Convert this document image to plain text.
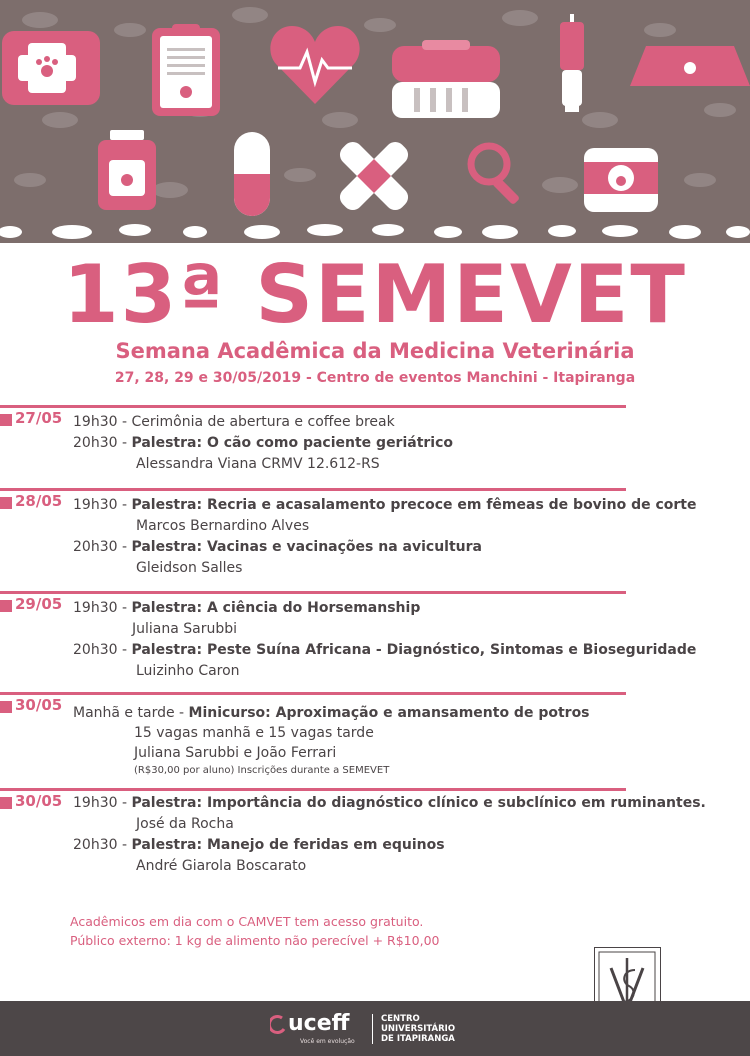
13ª SEMEVET
Semana Acadêmica da Medicina Veterinária
27, 28, 29 e 30/05/2019 - Centro de eventos Manchini - Itapiranga
27/05 19h30 - Cerimônia de abertura e coffee break
20h30 - Palestra: O cão como paciente geriátrico
Alessandra Viana CRMV 12.612-RS
28/05 19h30 - Palestra: Recria e acasalamento precoce em fêmeas de bovino de corte
Marcos Bernardino Alves
20h30 - Palestra: Vacinas e vacinações na avicultura
Gleidson Salles
29/05 19h30 - Palestra: A ciência do Horsemanship
Juliana Sarubbi
20h30 - Palestra: Peste Suína Africana - Diagnóstico, Sintomas e Bioseguridade
Luizinho Caron
30/05 Manhã e tarde - Minicurso: Aproximação e amansamento de potros
15 vagas manhã e 15 vagas tarde
Juliana Sarubbi e João Ferrari
(R$30,00 por aluno) Inscrições durante a SEMEVET
30/05 19h30 - Palestra: Importância do diagnóstico clínico e subclínico em ruminantes.
José da Rocha
20h30 - Palestra: Manejo de feridas em equinos
André Giarola Boscarato
Acadêmicos em dia com o CAMVET tem acesso gratuito.
Público externo: 1 kg de alimento não perecível + R$10,00
uceff
Você em evolução
CENTRO
UNIVERSITÁRIO
DE ITAPIRANGA
